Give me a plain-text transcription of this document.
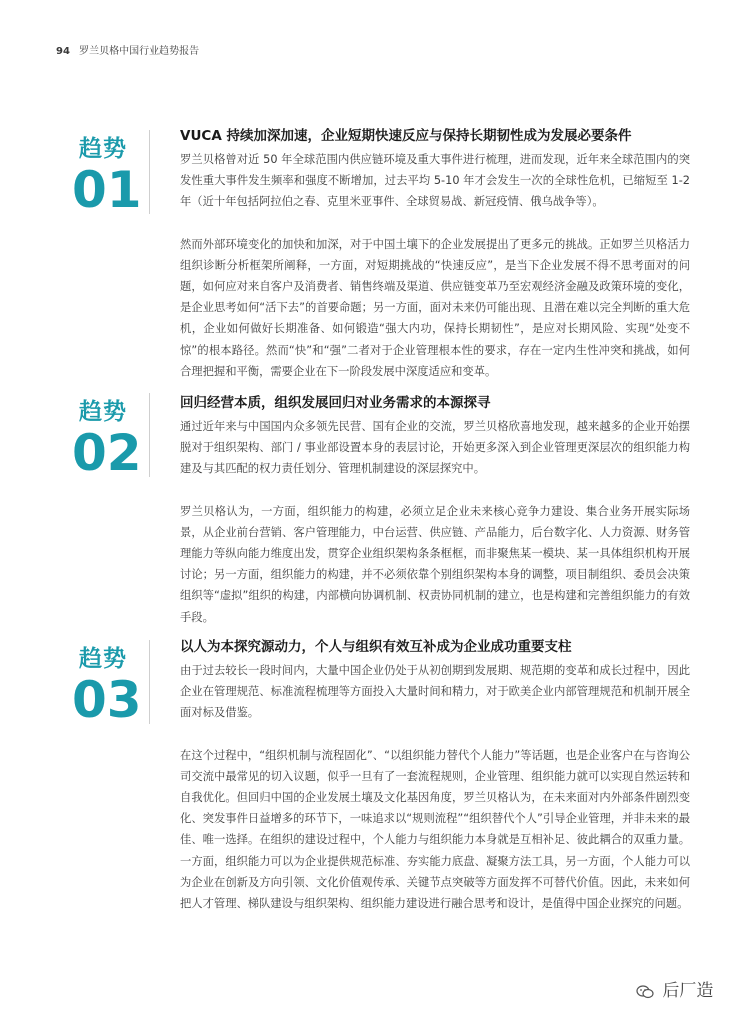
94 罗兰贝格中国行业趋势报告
趋势
01
VUCA 持续加深加速，企业短期快速反应与保持长期韧性成为发展必要条件
罗兰贝格曾对近 50 年全球范围内供应链环境及重大事件进行梳理，进而发现，近年来全球范围内的突发性重大事件发生频率和强度不断增加，过去平均 5-10 年才会发生一次的全球性危机，已缩短至 1-2 年（近十年包括阿拉伯之春、克里米亚事件、全球贸易战、新冠疫情、俄乌战争等）。
然而外部环境变化的加快和加深，对于中国土壤下的企业发展提出了更多元的挑战。正如罗兰贝格活力组织诊断分析框架所阐释，一方面，对短期挑战的“快速反应”，是当下企业发展不得不思考面对的问题，如何应对来自客户及消费者、销售终端及渠道、供应链变革乃至宏观经济金融及政策环境的变化，是企业思考如何“活下去”的首要命题；另一方面，面对未来仍可能出现、且潜在难以完全判断的重大危机，企业如何做好长期准备、如何锻造“强大内功，保持长期韧性”，是应对长期风险、实现“处变不惊”的根本路径。然而“快”和“强”二者对于企业管理根本性的要求，存在一定内生性冲突和挑战，如何合理把握和平衡，需要企业在下一阶段发展中深度适应和变革。
趋势
02
回归经营本质，组织发展回归对业务需求的本源探寻
通过近年来与中国国内众多领先民营、国有企业的交流，罗兰贝格欣喜地发现，越来越多的企业开始摆脱对于组织架构、部门 / 事业部设置本身的表层讨论，开始更多深入到企业管理更深层次的组织能力构建及与其匹配的权力责任划分、管理机制建设的深层探究中。
罗兰贝格认为，一方面，组织能力的构建，必须立足企业未来核心竞争力建设、集合业务开展实际场景，从企业前台营销、客户管理能力，中台运营、供应链、产品能力，后台数字化、人力资源、财务管理能力等纵向能力维度出发，贯穿企业组织架构条条框框，而非聚焦某一模块、某一具体组织机构开展讨论；另一方面，组织能力的构建，并不必须依靠个别组织架构本身的调整，项目制组织、委员会决策组织等“虚拟”组织的构建，内部横向协调机制、权责协同机制的建立，也是构建和完善组织能力的有效手段。
趋势
03
以人为本探究源动力，个人与组织有效互补成为企业成功重要支柱
由于过去较长一段时间内，大量中国企业仍处于从初创期到发展期、规范期的变革和成长过程中，因此企业在管理规范、标准流程梳理等方面投入大量时间和精力，对于欧美企业内部管理规范和机制开展全面对标及借鉴。
在这个过程中，“组织机制与流程固化”、“以组织能力替代个人能力”等话题，也是企业客户在与咨询公司交流中最常见的切入议题，似乎一旦有了一套流程规则，企业管理、组织能力就可以实现自然运转和自我优化。但回归中国的企业发展土壤及文化基因角度，罗兰贝格认为，在未来面对内外部条件剧烈变化、突发事件日益增多的环节下，一味追求以“规则流程”“组织替代个人”引导企业管理，并非未来的最佳、唯一选择。在组织的建设过程中，个人能力与组织能力本身就是互相补足、彼此耦合的双重力量。一方面，组织能力可以为企业提供规范标准、夯实能力底盘、凝聚方法工具，另一方面，个人能力可以为企业在创新及方向引领、文化价值观传承、关键节点突破等方面发挥不可替代价值。因此，未来如何把人才管理、梯队建设与组织架构、组织能力建设进行融合思考和设计，是值得中国企业探究的问题。
后厂造
